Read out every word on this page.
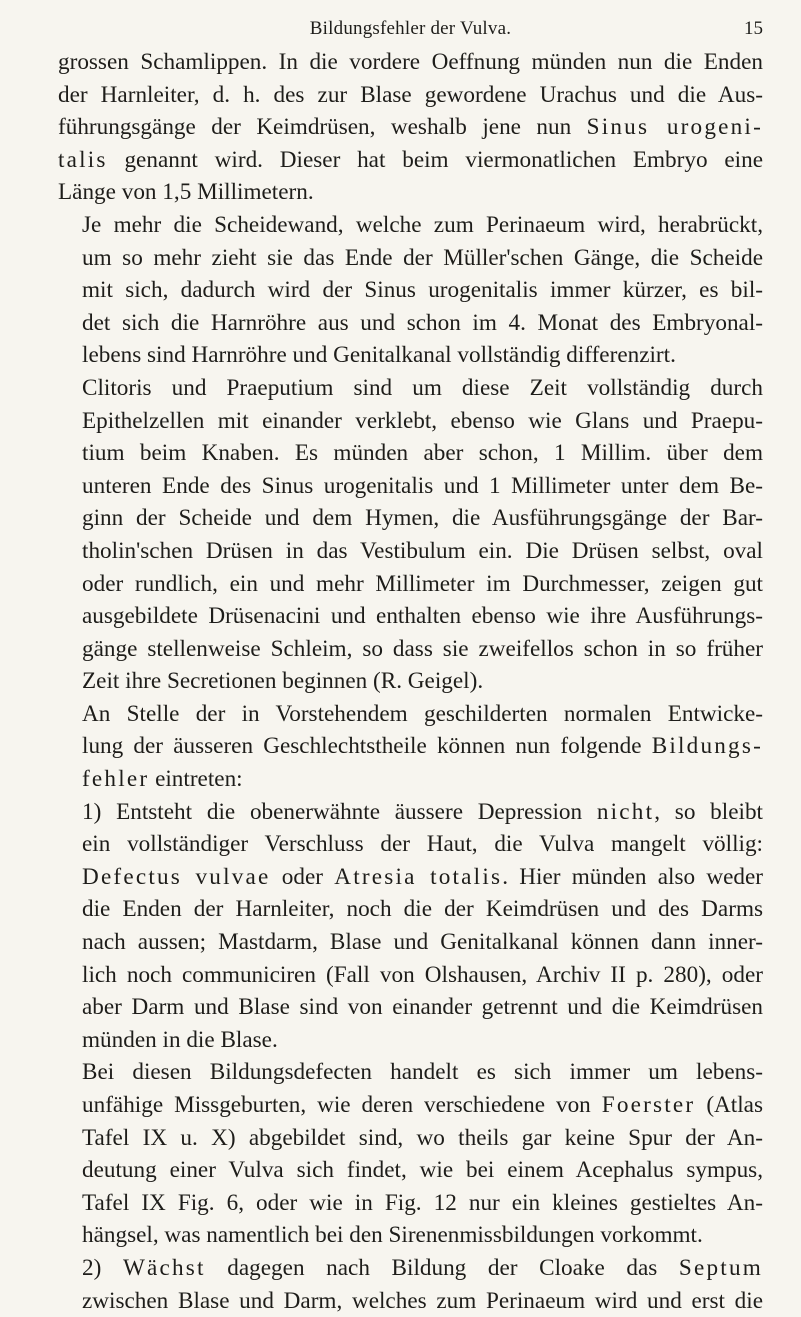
Bildungsfehler der Vulva.	15

grossen Schamlippen. In die vordere Oeffnung münden nun die Enden
der Harnleiter, d. h. des zur Blase gewordene Urachus und die Aus-
führungsgänge der Keimdrüsen, weshalb jene nun Sinus urogeni-
talis genannt wird. Dieser hat beim viermonatlichen Embryo eine
Länge von 1,5 Millimetern.

Je mehr die Scheidewand, welche zum Perinaeum wird, herabrückt,
um so mehr zieht sie das Ende der Müller'schen Gänge, die Scheide
mit sich, dadurch wird der Sinus urogenitalis immer kürzer, es bil-
det sich die Harnröhre aus und schon im 4. Monat des Embryonal-
lebens sind Harnröhre und Genitalkanal vollständig differenzirt.

Clitoris und Praeputium sind um diese Zeit vollständig durch
Epithelzellen mit einander verklebt, ebenso wie Glans und Praepu-
tium beim Knaben. Es münden aber schon, 1 Millim. über dem
unteren Ende des Sinus urogenitalis und 1 Millimeter unter dem Be-
ginn der Scheide und dem Hymen, die Ausführungsgänge der Bar-
tholin'schen Drüsen in das Vestibulum ein. Die Drüsen selbst, oval
oder rundlich, ein und mehr Millimeter im Durchmesser, zeigen gut
ausgebildete Drüsenacini und enthalten ebenso wie ihre Ausführungs-
gänge stellenweise Schleim, so dass sie zweifellos schon in so früher
Zeit ihre Secretionen beginnen (R. Geigel).

An Stelle der in Vorstehendem geschilderten normalen Entwicke-
lung der äusseren Geschlechtstheile können nun folgende Bildungs-
fehler eintreten:

1) Entsteht die obenerwähnte äussere Depression nicht, so bleibt
ein vollständiger Verschluss der Haut, die Vulva mangelt völlig:
Defectus vulvae oder Atresia totalis. Hier münden also weder
die Enden der Harnleiter, noch die der Keimdrüsen und des Darms
nach aussen; Mastdarm, Blase und Genitalkanal können dann inner-
lich noch communiciren (Fall von Olshausen, Archiv II p. 280), oder
aber Darm und Blase sind von einander getrennt und die Keimdrüsen
münden in die Blase.

Bei diesen Bildungsdefecten handelt es sich immer um lebens-
unfähige Missgeburten, wie deren verschiedene von Foerster (Atlas
Tafel IX u. X) abgebildet sind, wo theils gar keine Spur der An-
deutung einer Vulva sich findet, wie bei einem Acephalus sympus,
Tafel IX Fig. 6, oder wie in Fig. 12 nur ein kleines gestieltes An-
hängsel, was namentlich bei den Sirenenmissbildungen vorkommt.

2) Wächst dagegen nach Bildung der Cloake das Septum
zwischen Blase und Darm, welches zum Perinaeum wird und erst die
